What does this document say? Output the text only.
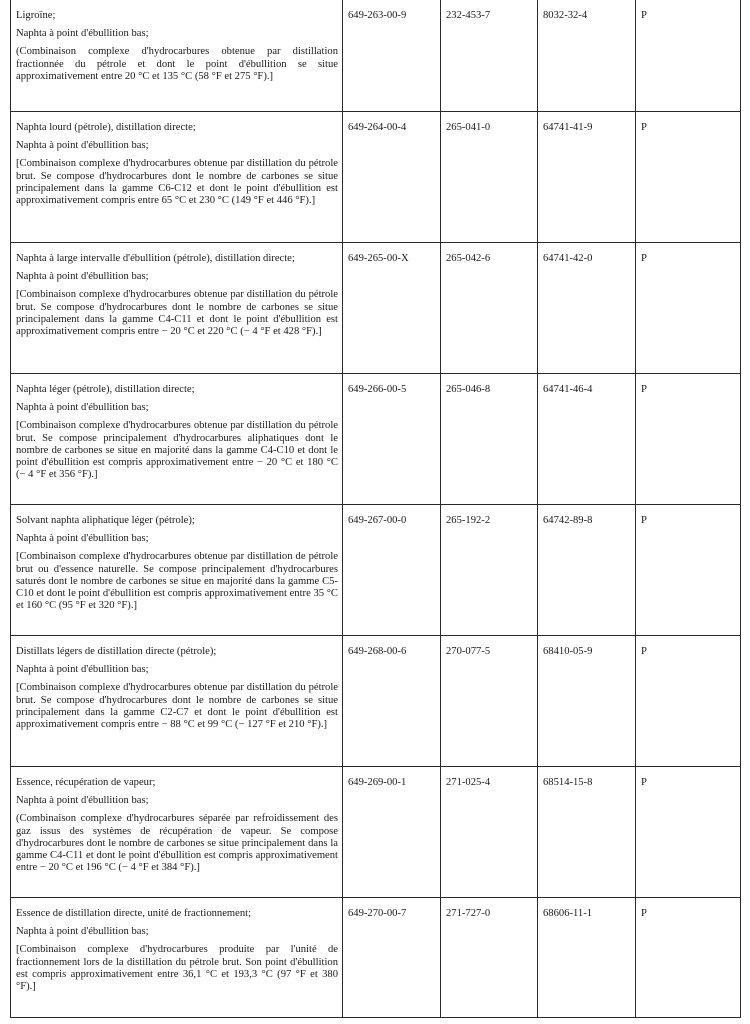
Ligroïne;

Naphta à point d'ébullition bas;

(Combinaison complexe d'hydrocarbures obtenue par distillation fractionnée du pétrole et dont le point d'ébullition se situe approximativement entre 20 °C et 135 °C (58 °F et 275 °F).]

649-263-00-9	232-453-7	8032-32-4	P

Naphta lourd (pétrole), distillation directe;

Naphta à point d'ébullition bas;

[Combinaison complexe d'hydrocarbures obtenue par distillation du pétrole brut. Se compose d'hydrocarbures dont le nombre de carbones se situe principalement dans la gamme C6-C12 et dont le point d'ébullition est approximativement compris entre 65 °C et 230 °C (149 °F et 446 °F).]

649-264-00-4	265-041-0	64741-41-9	P

Naphta à large intervalle d'ébullition (pétrole), distillation directe;

Naphta à point d'ébullition bas;

[Combinaison complexe d'hydrocarbures obtenue par distillation du pétrole brut. Se compose d'hydrocarbures dont le nombre de carbones se situe principalement dans la gamme C4-C11 et dont le point d'ébullition est approximativement compris entre − 20 °C et 220 °C (− 4 °F et 428 °F).]

649-265-00-X	265-042-6	64741-42-0	P

Naphta léger (pétrole), distillation directe;

Naphta à point d'ébullition bas;

[Combinaison complexe d'hydrocarbures obtenue par distillation du pétrole brut. Se compose principalement d'hydrocarbures aliphatiques dont le nombre de carbones se situe en majorité dans la gamme C4-C10 et dont le point d'ébullition est compris approximativement entre − 20 °C et 180 °C (− 4 °F et 356 °F).]

649-266-00-5	265-046-8	64741-46-4	P

Solvant naphta aliphatique léger (pétrole);

Naphta à point d'ébullition bas;

[Combinaison complexe d'hydrocarbures obtenue par distillation de pétrole brut ou d'essence naturelle. Se compose principalement d'hydrocarbures saturés dont le nombre de carbones se situe en majorité dans la gamme C5-C10 et dont le point d'ébullition est compris approximativement entre 35 °C et 160 °C (95 °F et 320 °F).]

649-267-00-0	265-192-2	64742-89-8	P

Distillats légers de distillation directe (pétrole);

Naphta à point d'ébullition bas;

[Combinaison complexe d'hydrocarbures obtenue par distillation du pétrole brut. Se compose d'hydrocarbures dont le nombre de carbones se situe principalement dans la gamme C2-C7 et dont le point d'ébullition est approximativement compris entre − 88 °C et 99 °C (− 127 °F et 210 °F).]

649-268-00-6	270-077-5	68410-05-9	P

Essence, récupération de vapeur;

Naphta à point d'ébullition bas;

(Combinaison complexe d'hydrocarbures séparée par refroidissement des gaz issus des systèmes de récupération de vapeur. Se compose d'hydrocarbures dont le nombre de carbones se situe principalement dans la gamme C4-C11 et dont le point d'ébullition est compris approximativement entre − 20 °C et 196 °C (− 4 °F et 384 °F).]

649-269-00-1	271-025-4	68514-15-8	P

Essence de distillation directe, unité de fractionnement;

Naphta à point d'ébullition bas;

[Combinaison complexe d'hydrocarbures produite par l'unité de fractionnement lors de la distillation du pétrole brut. Son point d'ébullition est compris approximativement entre 36,1 °C et 193,3 °C (97 °F et 380 °F).]

649-270-00-7	271-727-0	68606-11-1	P
